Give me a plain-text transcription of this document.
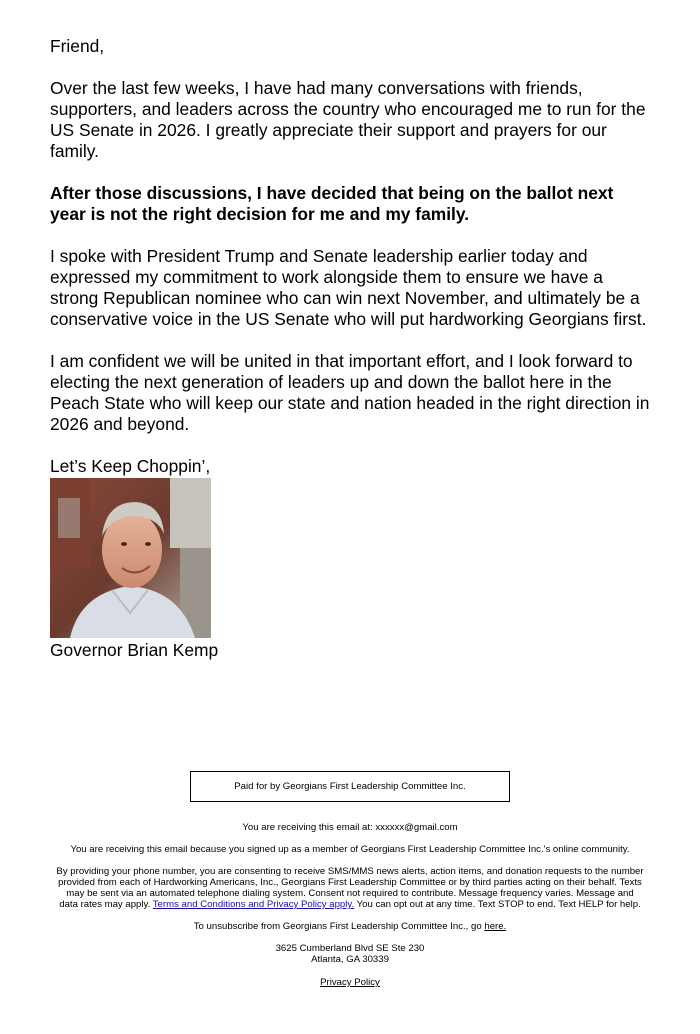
Friend,

Over the last few weeks, I have had many conversations with friends, supporters, and leaders across the country who encouraged me to run for the US Senate in 2026. I greatly appreciate their support and prayers for our family.

After those discussions, I have decided that being on the ballot next year is not the right decision for me and my family.

I spoke with President Trump and Senate leadership earlier today and expressed my commitment to work alongside them to ensure we have a strong Republican nominee who can win next November, and ultimately be a conservative voice in the US Senate who will put hardworking Georgians first.

I am confident we will be united in that important effort, and I look forward to electing the next generation of leaders up and down the ballot here in the Peach State who will keep our state and nation headed in the right direction in 2026 and beyond.

Let’s Keep Choppin’,
Governor Brian Kemp
Paid for by Georgians First Leadership Committee Inc.

You are receiving this email at: xxxxxx@gmail.com

You are receiving this email because you signed up as a member of Georgians First Leadership Committee Inc.'s online community.

By providing your phone number, you are consenting to receive SMS/MMS news alerts, action items, and donation requests to the number provided from each of Hardworking Americans, Inc., Georgians First Leadership Committee or by third parties acting on their behalf. Texts may be sent via an automated telephone dialing system. Consent not required to contribute. Message frequency varies. Message and data rates may apply. Terms and Conditions and Privacy Policy apply. You can opt out at any time. Text STOP to end. Text HELP for help.

To unsubscribe from Georgians First Leadership Committee Inc., go here.

3625 Cumberland Blvd SE Ste 230

Atlanta, GA 30339

Privacy Policy
